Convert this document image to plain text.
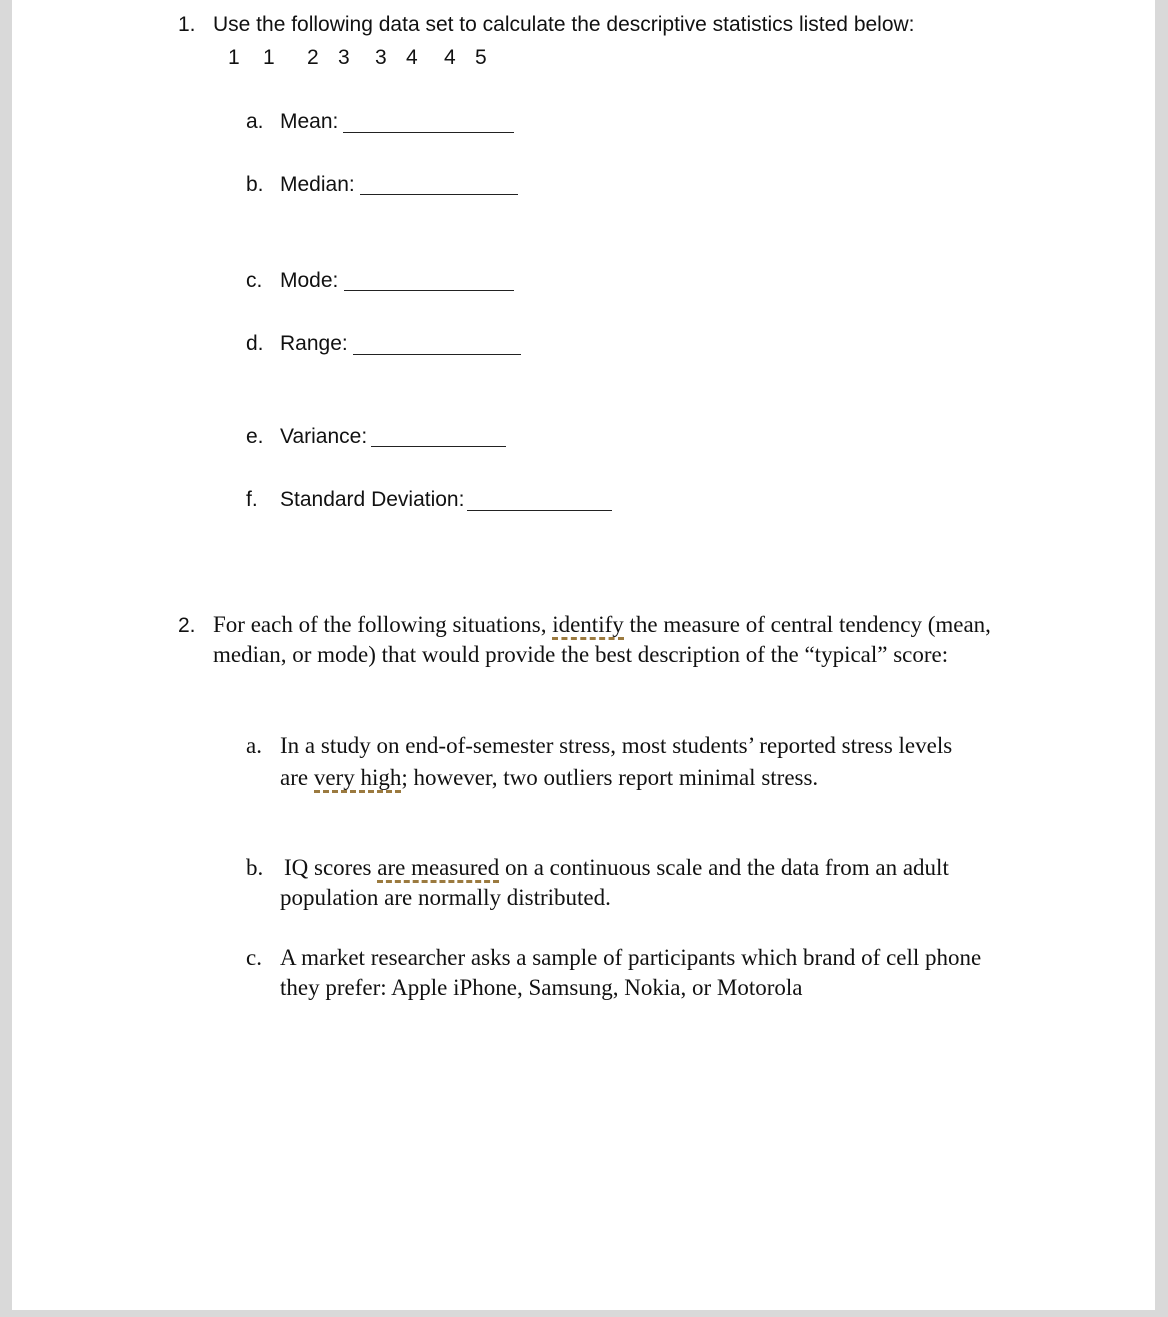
1. Use the following data set to calculate the descriptive statistics listed below:
1 1 2 3 3 4 4 5
a. Mean:
b. Median:
c. Mode:
d. Range:
e. Variance:
f. Standard Deviation:
2. For each of the following situations, identify the measure of central tendency (mean,
median, or mode) that would provide the best description of the “typical” score:
a. In a study on end-of-semester stress, most students’ reported stress levels
are very high; however, two outliers report minimal stress.
b. IQ scores are measured on a continuous scale and the data from an adult
population are normally distributed.
c. A market researcher asks a sample of participants which brand of cell phone
they prefer: Apple iPhone, Samsung, Nokia, or Motorola
